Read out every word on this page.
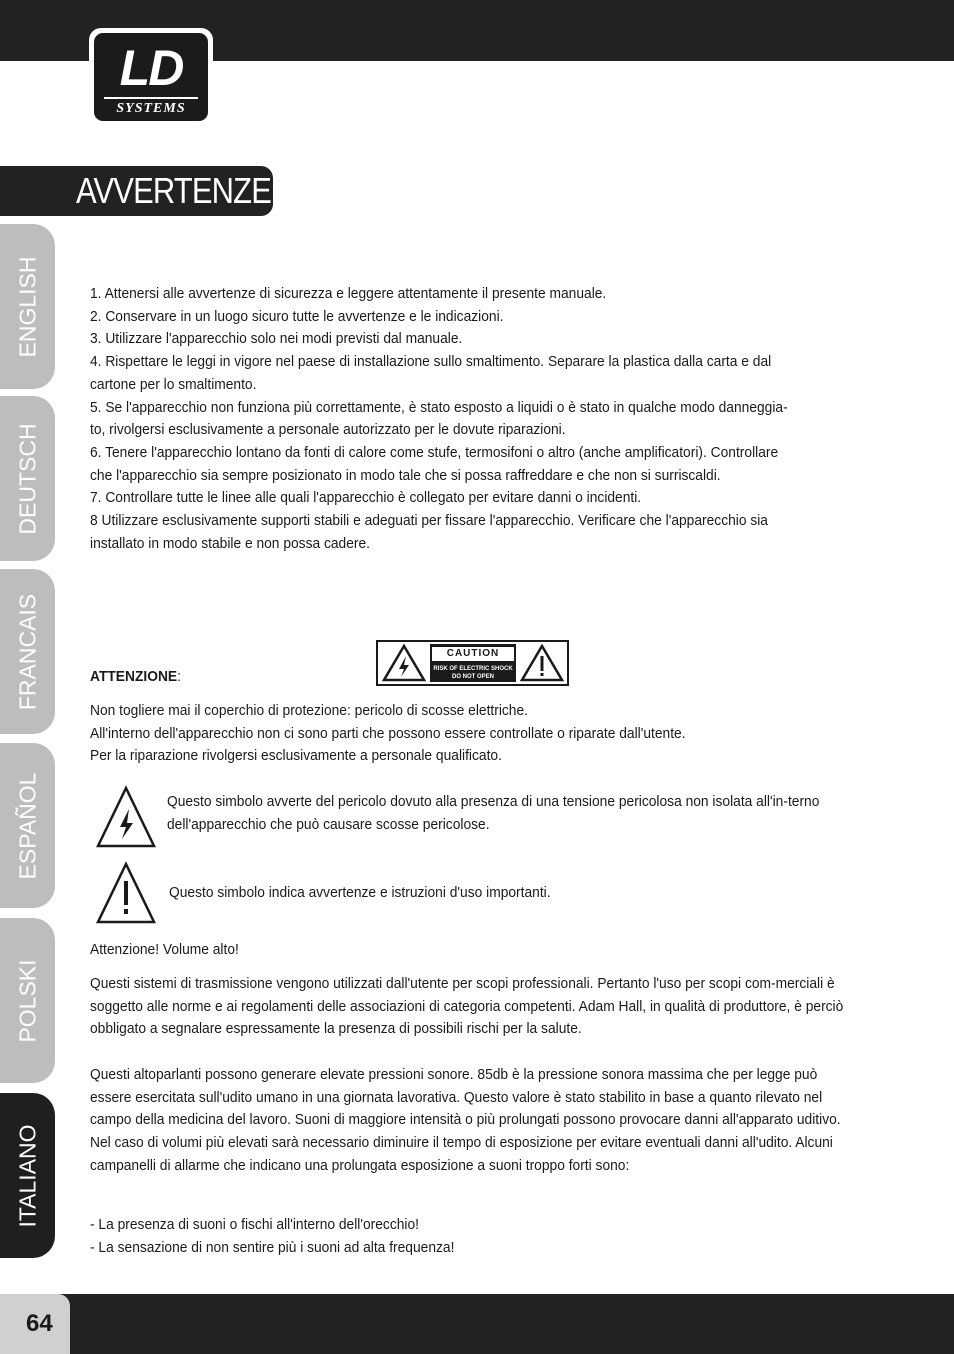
LD
SYSTEMS
AVVERTENZE:
ENGLISH
DEUTSCH
FRANCAIS
ESPAÑOL
POLSKI
ITALIANO

1. Attenersi alle avvertenze di sicurezza e leggere attentamente il presente manuale.

2. Conservare in un luogo sicuro tutte le avvertenze e le indicazioni.

3. Utilizzare l'apparecchio solo nei modi previsti dal manuale.

4. Rispettare le leggi in vigore nel paese di installazione sullo smaltimento. Separare la plastica dalla carta e dal cartone per lo smaltimento.

5. Se l'apparecchio non funziona più correttamente, è stato esposto a liquidi o è stato in qualche modo danneggia-to, rivolgersi esclusivamente a personale autorizzato per le dovute riparazioni.

6. Tenere l'apparecchio lontano da fonti di calore come stufe, termosifoni o altro (anche amplificatori). Controllare che l'apparecchio sia sempre posizionato in modo tale che si possa raffreddare e che non si surriscaldi.

7. Controllare tutte le linee alle quali l'apparecchio è collegato per evitare danni o incidenti.

8 Utilizzare esclusivamente supporti stabili e adeguati per fissare l'apparecchio. Verificare che l'apparecchio sia installato in modo stabile e non possa cadere.

ATTENZIONE:
CAUTION
RISK OF ELECTRIC SHOCK
DO NOT OPEN
Non togliere mai il coperchio di protezione: pericolo di scosse elettriche.
All'interno dell'apparecchio non ci sono parti che possono essere controllate o riparate dall'utente.
Per la riparazione rivolgersi esclusivamente a personale qualificato.
Questo simbolo avverte del pericolo dovuto alla presenza di una tensione pericolosa non isolata all'in-terno dell'apparecchio che può causare scosse pericolose.
Questo simbolo indica avvertenze e istruzioni d'uso importanti.
Attenzione! Volume alto!
Questi sistemi di trasmissione vengono utilizzati dall'utente per scopi professionali. Pertanto l'uso per scopi com-merciali è soggetto alle norme e ai regolamenti delle associazioni di categoria competenti. Adam Hall, in qualità di produttore, è perciò obbligato a segnalare espressamente la presenza di possibili rischi per la salute.
Questi altoparlanti possono generare elevate pressioni sonore. 85db è la pressione sonora massima che per legge può essere esercitata sull'udito umano in una giornata lavorativa. Questo valore è stato stabilito in base a quanto rilevato nel campo della medicina del lavoro. Suoni di maggiore intensità o più prolungati possono provocare danni all'apparato uditivo. Nel caso di volumi più elevati sarà necessario diminuire il tempo di esposizione per evitare eventuali danni all'udito. Alcuni campanelli di allarme che indicano una prolungata esposizione a suoni troppo forti sono:
- La presenza di suoni o fischi all'interno dell'orecchio!
- La sensazione di non sentire più i suoni ad alta frequenza!
64
